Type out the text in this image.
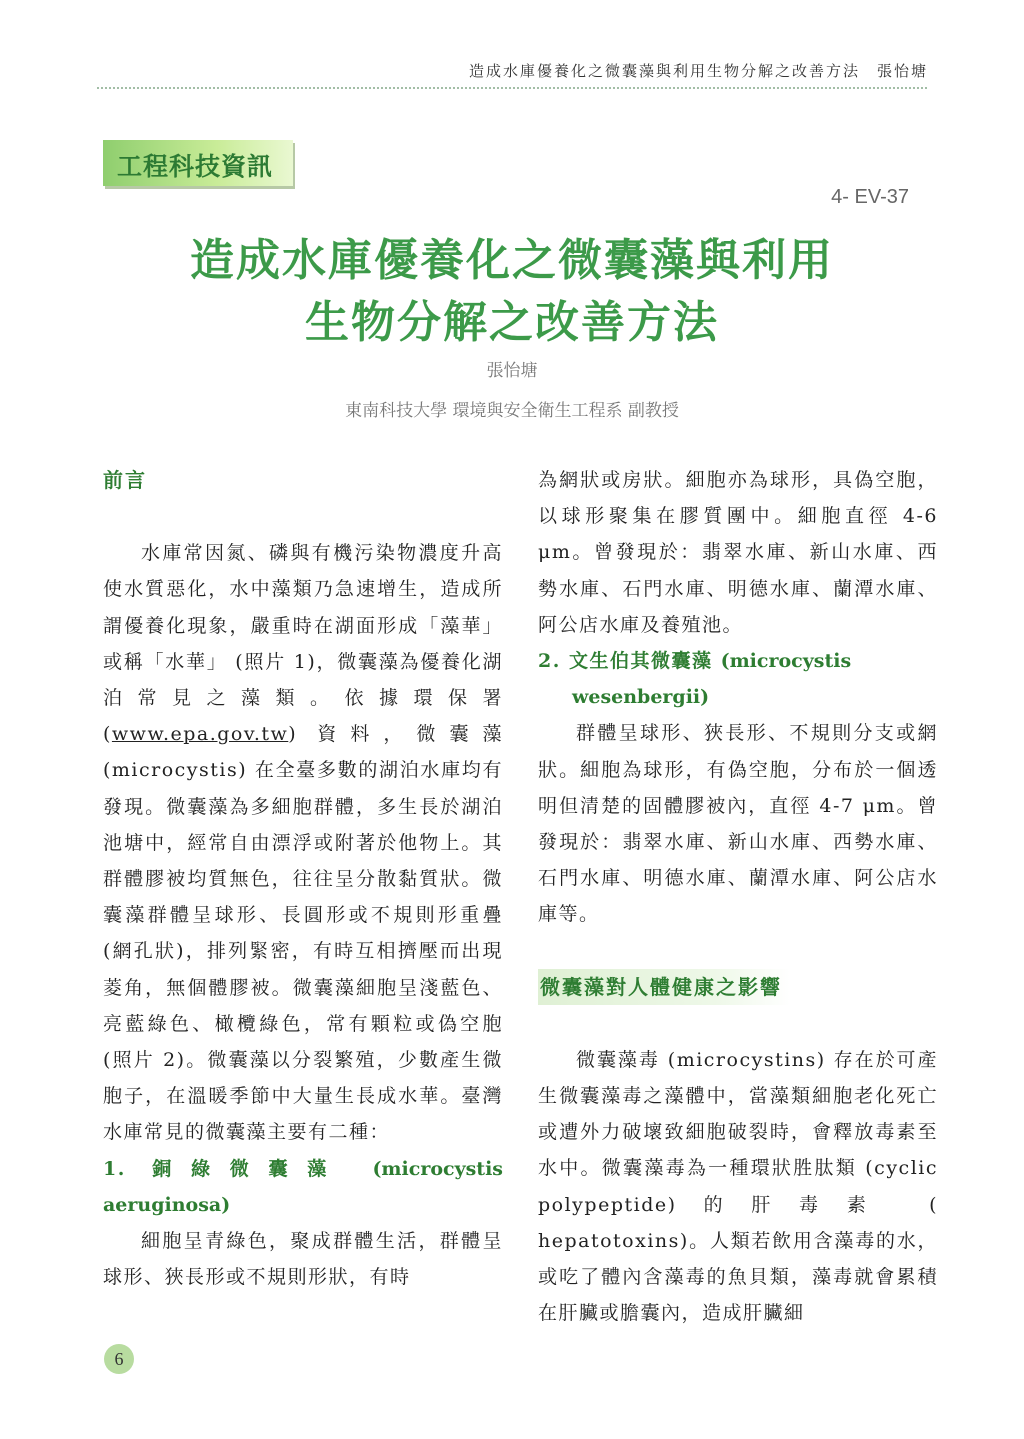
造成水庫優養化之微囊藻與利用生物分解之改善方法　張怡塘
工程科技資訊
4- EV-37
造成水庫優養化之微囊藻與利用
生物分解之改善方法
張怡塘
東南科技大學 環境與安全衛生工程系 副教授

前言

水庫常因氮、磷與有機污染物濃度升高使水質惡化，水中藻類乃急速增生，造成所謂優養化現象，嚴重時在湖面形成「藻華」或稱「水華」 (照片 1)，微囊藻為優養化湖泊常見之藻類。依據環保署(www.epa.gov.tw) 資料，微囊藻 (microcystis) 在全臺多數的湖泊水庫均有發現。微囊藻為多細胞群體，多生長於湖泊池塘中，經常自由漂浮或附著於他物上。其群體膠被均質無色，往往呈分散黏質狀。微囊藻群體呈球形、長圓形或不規則形重疊 (網孔狀)，排列緊密，有時互相擠壓而出現菱角，無個體膠被。微囊藻細胞呈淺藍色、亮藍綠色、橄欖綠色，常有顆粒或偽空胞 (照片 2)。微囊藻以分裂繁殖，少數產生微胞子，在溫暖季節中大量生長成水華。臺灣水庫常見的微囊藻主要有二種：

1. 銅綠微囊藻 (microcystis aeruginosa)

細胞呈青綠色，聚成群體生活，群體呈球形、狹長形或不規則形狀，有時

為網狀或房狀。細胞亦為球形，具偽空胞，以球形聚集在膠質團中。細胞直徑 4-6 μm。曾發現於：翡翠水庫、新山水庫、西勢水庫、石門水庫、明德水庫、蘭潭水庫、阿公店水庫及養殖池。

2. 文生伯其微囊藻 (microcystis

wesenbergii)

群體呈球形、狹長形、不規則分支或網狀。細胞為球形，有偽空胞，分布於一個透明但清楚的固體膠被內，直徑 4-7 μm。曾發現於：翡翠水庫、新山水庫、西勢水庫、石門水庫、明德水庫、蘭潭水庫、阿公店水庫等。

微囊藻對人體健康之影響

微囊藻毒 (microcystins) 存在於可產生微囊藻毒之藻體中，當藻類細胞老化死亡或遭外力破壞致細胞破裂時，會釋放毒素至水中。微囊藻毒為一種環狀胜肽類 (cyclic polypeptide)的肝毒素 ( hepatotoxins)。人類若飲用含藻毒的水，或吃了體內含藻毒的魚貝類，藻毒就會累積在肝臟或膽囊內，造成肝臟細

6
